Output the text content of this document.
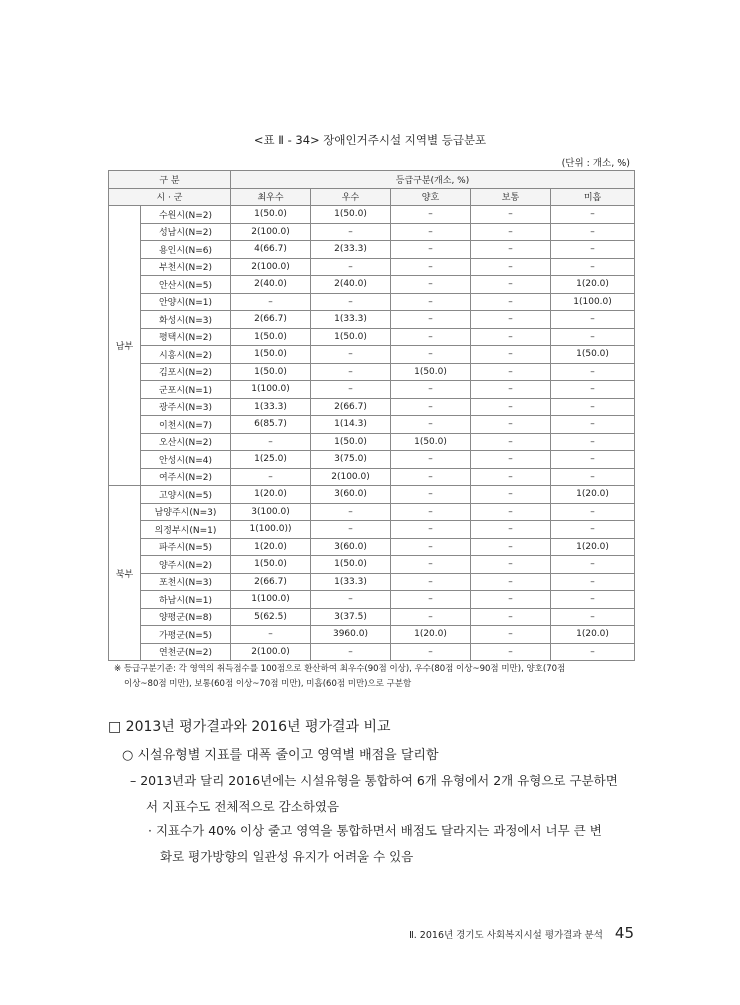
<표 Ⅱ - 34> 장애인거주시설 지역별 등급분포
(단위 : 개소, %)
구 분		등급구분(개소, %)				
시 · 군		최우수	우수	양호	보통	미흡
남부	수원시(N=2)	1(50.0)	1(50.0)	–	–	–
	성남시(N=2)	2(100.0)	–	–	–	–
	용인시(N=6)	4(66.7)	2(33.3)	–	–	–
	부천시(N=2)	2(100.0)	–	–	–	–
	안산시(N=5)	2(40.0)	2(40.0)	–	–	1(20.0)
	안양시(N=1)	–	–	–	–	1(100.0)
	화성시(N=3)	2(66.7)	1(33.3)	–	–	–
	평택시(N=2)	1(50.0)	1(50.0)	–	–	–
	시흥시(N=2)	1(50.0)	–	–	–	1(50.0)
	김포시(N=2)	1(50.0)	–	1(50.0)	–	–
	군포시(N=1)	1(100.0)	–	–	–	–
	광주시(N=3)	1(33.3)	2(66.7)	–	–	–
	이천시(N=7)	6(85.7)	1(14.3)	–	–	–
	오산시(N=2)	–	1(50.0)	1(50.0)	–	–
	안성시(N=4)	1(25.0)	3(75.0)	–	–	–
	여주시(N=2)	–	2(100.0)	–	–	–
북부	고양시(N=5)	1(20.0)	3(60.0)	–	–	1(20.0)
	남양주시(N=3)	3(100.0)	–	–	–	–
	의정부시(N=1)	1(100.0))	–	–	–	–
	파주시(N=5)	1(20.0)	3(60.0)	–	–	1(20.0)
	양주시(N=2)	1(50.0)	1(50.0)	–	–	–
	포천시(N=3)	2(66.7)	1(33.3)	–	–	–
	하남시(N=1)	1(100.0)	–	–	–	–
	양평군(N=8)	5(62.5)	3(37.5)	–	–	–
	가평군(N=5)	–	3960.0)	1(20.0)	–	1(20.0)
	연천군(N=2)	2(100.0)	–	–	–	–
※ 등급구분기준: 각 영역의 취득점수를 100점으로 환산하여 최우수(90점 이상), 우수(80점 이상~90점 미만), 양호(70점
이상~80점 미만), 보통(60점 이상~70점 미만), 미흡(60점 미만)으로 구분함
□ 2013년 평가결과와 2016년 평가결과 비교
○ 시설유형별 지표를 대폭 줄이고 영역별 배점을 달리함
– 2013년과 달리 2016년에는 시설유형을 통합하여 6개 유형에서 2개 유형으로 구분하면
서 지표수도 전체적으로 감소하였음
· 지표수가 40% 이상 줄고 영역을 통합하면서 배점도 달라지는 과정에서 너무 큰 변
화로 평가방향의 일관성 유지가 어려울 수 있음
Ⅱ. 2016년 경기도 사회복지시설 평가결과 분석 45
